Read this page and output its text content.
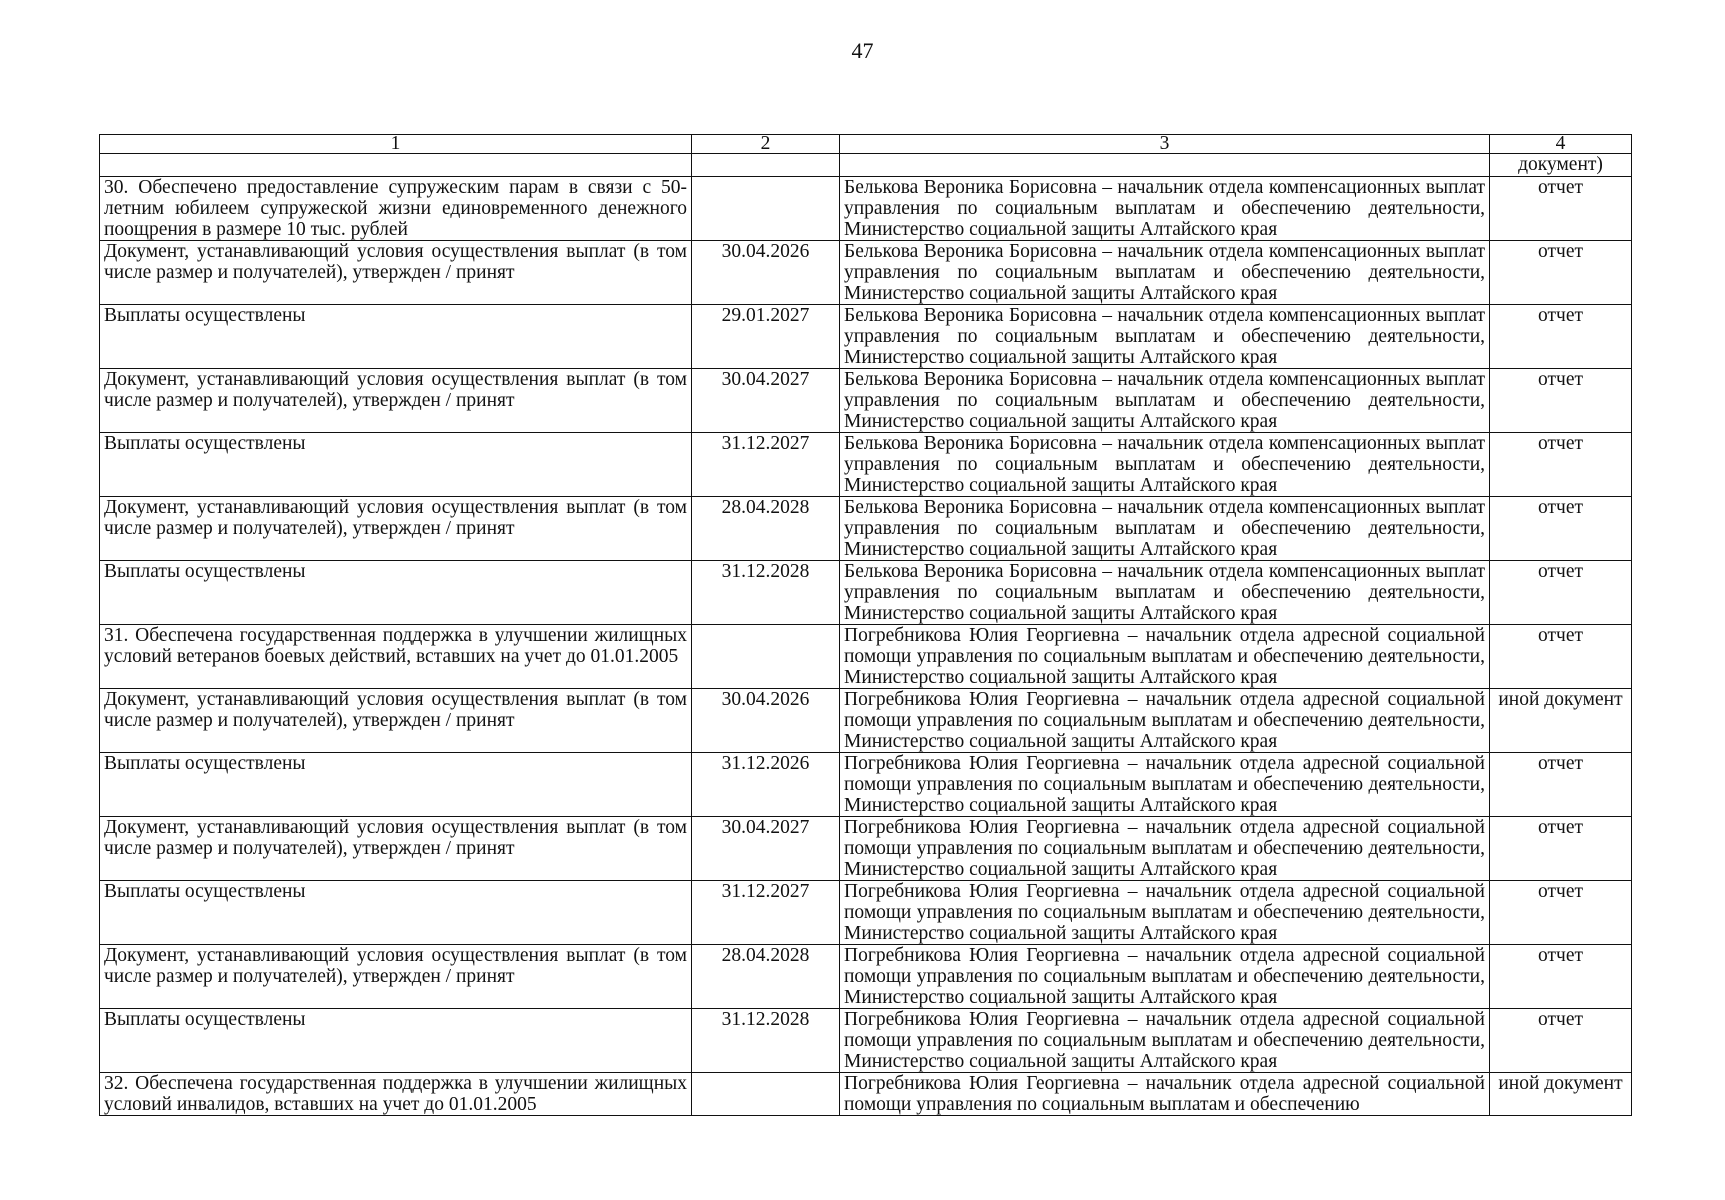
47
1	2	3	4
			документ)
30. Обеспечено предоставление супружеским парам в связи с 50-летним юбилеем супружеской жизни единовременного денежного поощрения в размере 10 тыс. рублей		Белькова Вероника Борисовна – начальник отдела компенсационных выплат управления по социальным выплатам и обеспечению деятельности, Министерство социальной защиты Алтайского края	отчет
Документ, устанавливающий условия осуществления выплат (в том числе размер и получателей), утвержден / принят	30.04.2026	Белькова Вероника Борисовна – начальник отдела компенсационных выплат управления по социальным выплатам и обеспечению деятельности, Министерство социальной защиты Алтайского края	отчет
Выплаты осуществлены	29.01.2027	Белькова Вероника Борисовна – начальник отдела компенсационных выплат управления по социальным выплатам и обеспечению деятельности, Министерство социальной защиты Алтайского края	отчет
Документ, устанавливающий условия осуществления выплат (в том числе размер и получателей), утвержден / принят	30.04.2027	Белькова Вероника Борисовна – начальник отдела компенсационных выплат управления по социальным выплатам и обеспечению деятельности, Министерство социальной защиты Алтайского края	отчет
Выплаты осуществлены	31.12.2027	Белькова Вероника Борисовна – начальник отдела компенсационных выплат управления по социальным выплатам и обеспечению деятельности, Министерство социальной защиты Алтайского края	отчет
Документ, устанавливающий условия осуществления выплат (в том числе размер и получателей), утвержден / принят	28.04.2028	Белькова Вероника Борисовна – начальник отдела компенсационных выплат управления по социальным выплатам и обеспечению деятельности, Министерство социальной защиты Алтайского края	отчет
Выплаты осуществлены	31.12.2028	Белькова Вероника Борисовна – начальник отдела компенсационных выплат управления по социальным выплатам и обеспечению деятельности, Министерство социальной защиты Алтайского края	отчет
31. Обеспечена государственная поддержка в улучшении жилищных условий ветеранов боевых действий, вставших на учет до 01.01.2005		Погребникова Юлия Георгиевна – начальник отдела адресной социальной помощи управления по социальным выплатам и обеспечению деятельности, Министерство социальной защиты Алтайского края	отчет
Документ, устанавливающий условия осуществления выплат (в том числе размер и получателей), утвержден / принят	30.04.2026	Погребникова Юлия Георгиевна – начальник отдела адресной социальной помощи управления по социальным выплатам и обеспечению деятельности, Министерство социальной защиты Алтайского края	иной документ
Выплаты осуществлены	31.12.2026	Погребникова Юлия Георгиевна – начальник отдела адресной социальной помощи управления по социальным выплатам и обеспечению деятельности, Министерство социальной защиты Алтайского края	отчет
Документ, устанавливающий условия осуществления выплат (в том числе размер и получателей), утвержден / принят	30.04.2027	Погребникова Юлия Георгиевна – начальник отдела адресной социальной помощи управления по социальным выплатам и обеспечению деятельности, Министерство социальной защиты Алтайского края	отчет
Выплаты осуществлены	31.12.2027	Погребникова Юлия Георгиевна – начальник отдела адресной социальной помощи управления по социальным выплатам и обеспечению деятельности, Министерство социальной защиты Алтайского края	отчет
Документ, устанавливающий условия осуществления выплат (в том числе размер и получателей), утвержден / принят	28.04.2028	Погребникова Юлия Георгиевна – начальник отдела адресной социальной помощи управления по социальным выплатам и обеспечению деятельности, Министерство социальной защиты Алтайского края	отчет
Выплаты осуществлены	31.12.2028	Погребникова Юлия Георгиевна – начальник отдела адресной социальной помощи управления по социальным выплатам и обеспечению деятельности, Министерство социальной защиты Алтайского края	отчет
32. Обеспечена государственная поддержка в улучшении жилищных условий инвалидов, вставших на учет до 01.01.2005		Погребникова Юлия Георгиевна – начальник отдела адресной социальной помощи управления по социальным выплатам и обеспечению	иной документ
